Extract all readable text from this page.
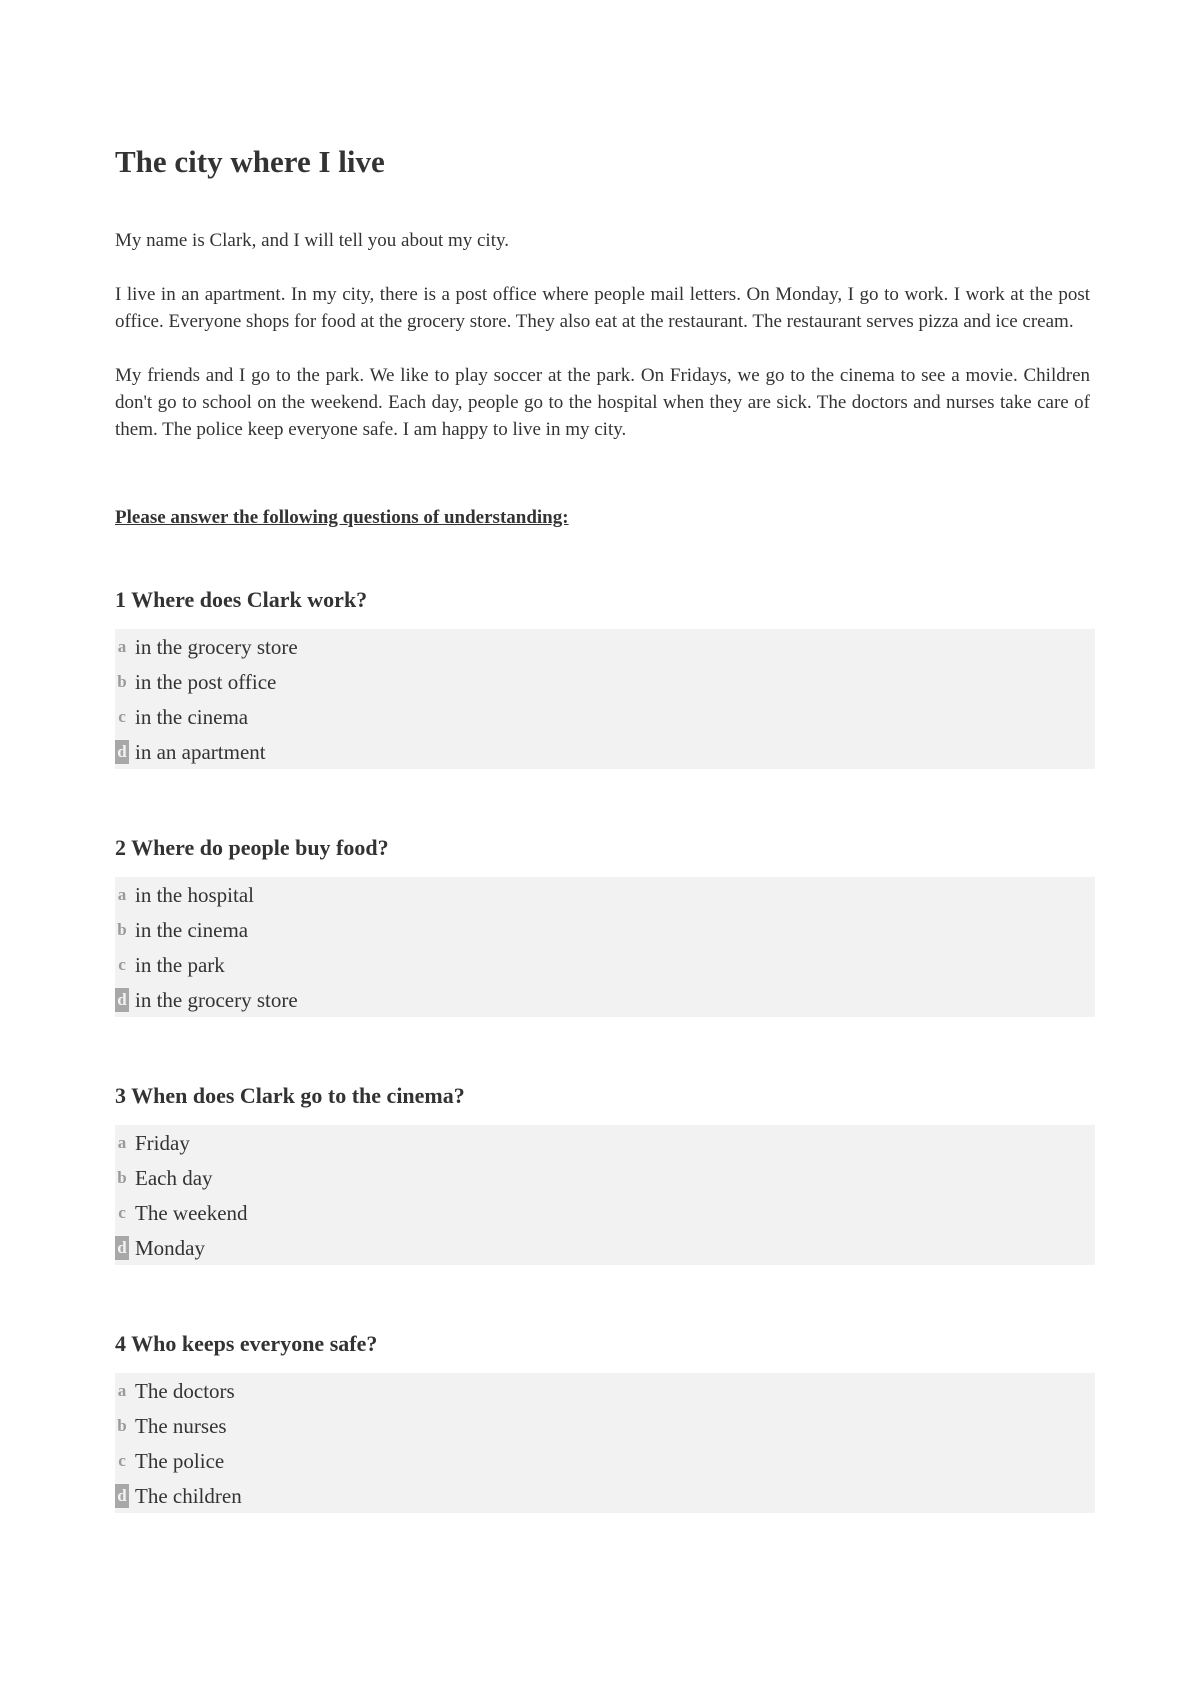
The city where I live

My name is Clark, and I will tell you about my city.

I live in an apartment. In my city, there is a post office where people mail letters. On Monday, I go to work. I work at the post office. Everyone shops for food at the grocery store. They also eat at the restaurant. The restaurant serves pizza and ice cream.

My friends and I go to the park. We like to play soccer at the park. On Fridays, we go to the cinema to see a movie. Children don't go to school on the weekend. Each day, people go to the hospital when they are sick. The doctors and nurses take care of them. The police keep everyone safe. I am happy to live in my city.

Please answer the following questions of understanding:

1 Where does Clark work?
a in the grocery store
b in the post office
c in the cinema
d in an apartment
2 Where do people buy food?
a in the hospital
b in the cinema
c in the park
d in the grocery store
3 When does Clark go to the cinema?
a Friday
b Each day
c The weekend
d Monday
4 Who keeps everyone safe?
a The doctors
b The nurses
c The police
d The children
